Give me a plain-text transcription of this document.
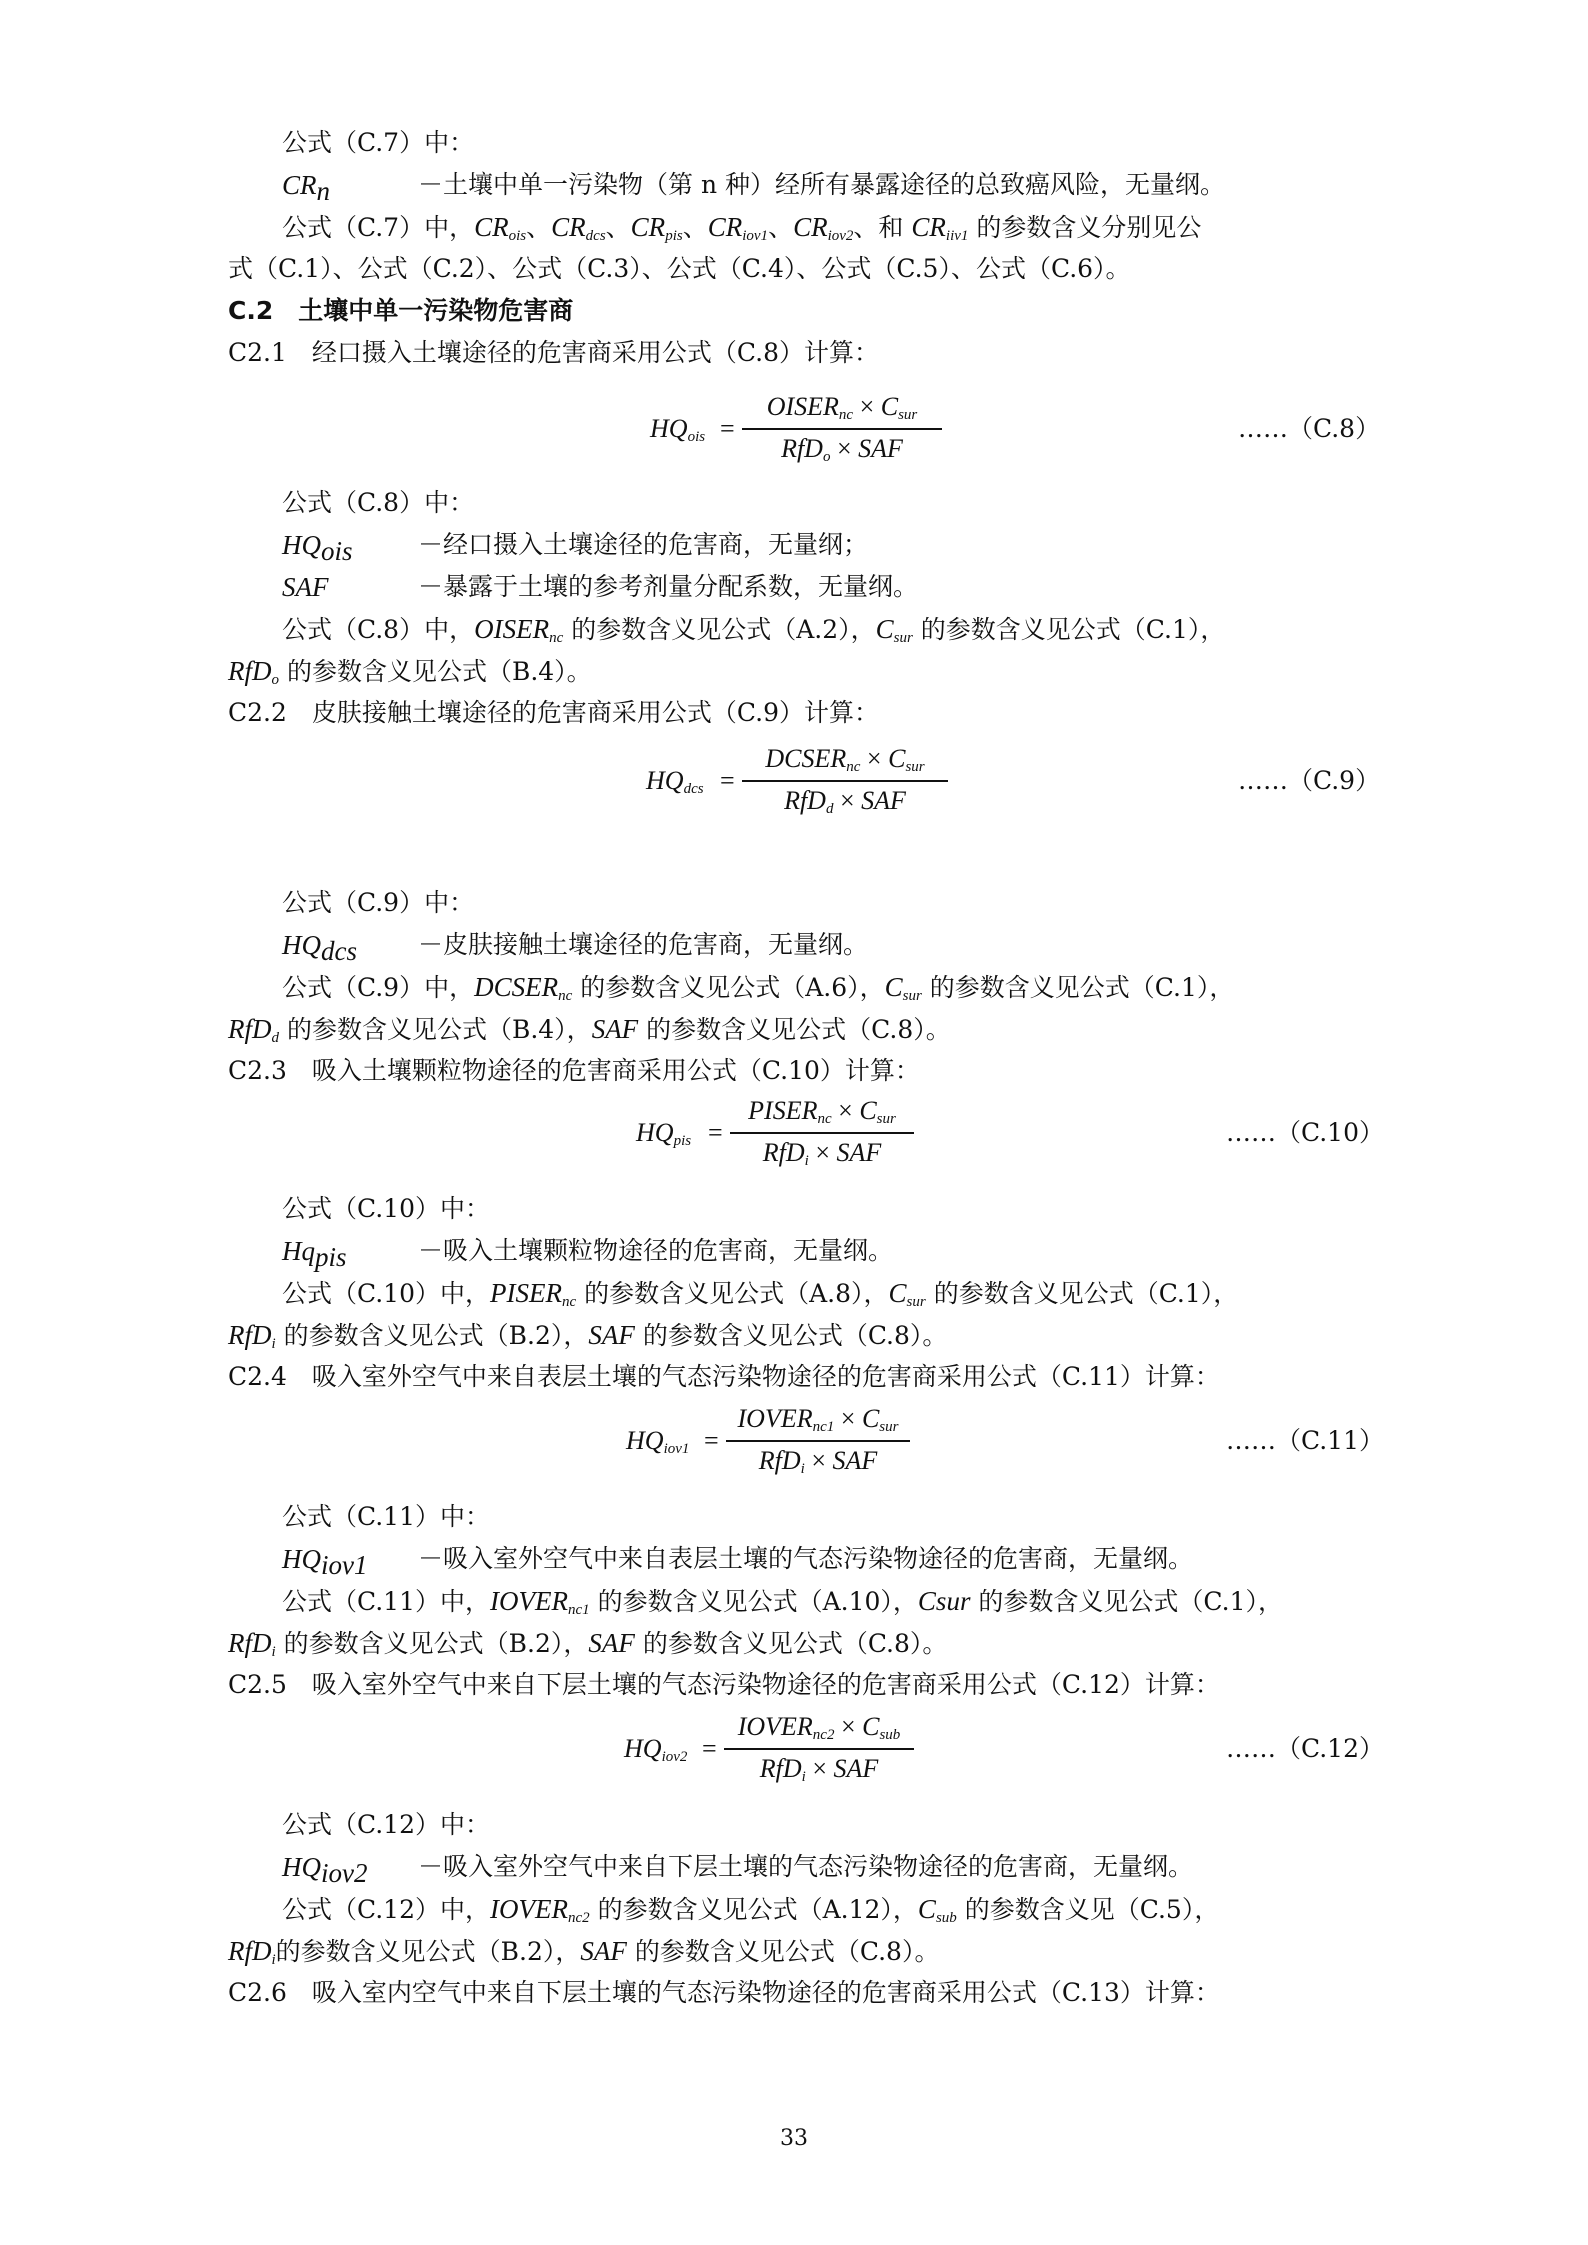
公式（C.7）中：
$CR_n$	－土壤中单一污染物（第 n 种）经所有暴露途径的总致癌风险，无量纲。
公式（C.7）中，$CR_{ois}$、$CR_{dcs}$、$CR_{pis}$、$CR_{iov1}$、$CR_{iov2}$、和 $CR_{iiv1}$ 的参数含义分别见公
式（C.1）、公式（C.2）、公式（C.3）、公式（C.4）、公式（C.5）、公式（C.6）。
C.2　土壤中单一污染物危害商
C2.1　经口摄入土壤途径的危害商采用公式（C.8）计算：
$HQ_{ois}$ =
$OISER_{nc} \times C_{sur}$
RfD$_o$ × SAF
……（C.8）
公式（C.8）中：
$HQ_{ois}$	－经口摄入土壤途径的危害商，无量纲；
SAF	－暴露于土壤的参考剂量分配系数，无量纲。
公式（C.8）中，$OISER_{nc}$ 的参数含义见公式（A.2），$C_{sur}$ 的参数含义见公式（C.1），
RfD$_o$ 的参数含义见公式（B.4）。
C2.2　皮肤接触土壤途径的危害商采用公式（C.9）计算：
$HQ_{dcs}$ =
$DCSER_{nc} \times C_{sur}$
RfD$_d$ × SAF
……（C.9）
公式（C.9）中：
$HQ_{dcs}$ －皮肤接触土壤途径的危害商，无量纲。
公式（C.9）中，$DCSER_{nc}$ 的参数含义见公式（A.6），$C_{sur}$ 的参数含义见公式（C.1），
RfD$_d$ 的参数含义见公式（B.4），SAF 的参数含义见公式（C.8）。
C2.3　吸入土壤颗粒物途径的危害商采用公式（C.10）计算：
$HQ_{pis}$ =
$PISER_{nc} \times C_{sur}$
RfD$_i$ × SAF
……（C.10）
公式（C.10）中：
$Hq_{pis}$	－吸入土壤颗粒物途径的危害商，无量纲。
公式（C.10）中，$PISER_{nc}$ 的参数含义见公式（A.8），$C_{sur}$ 的参数含义见公式（C.1），
RfD$_i$ 的参数含义见公式（B.2），SAF 的参数含义见公式（C.8）。
C2.4　吸入室外空气中来自表层土壤的气态污染物途径的危害商采用公式（C.11）计算：
$HQ_{iov1}$ =
$IOVER_{nc1} \times C_{sur}$
RfD$_i$ × SAF
……（C.11）
公式（C.11）中：
$HQ_{iov1}$ －吸入室外空气中来自表层土壤的气态污染物途径的危害商，无量纲。
公式（C.11）中，$IOVER_{nc1}$ 的参数含义见公式（A.10），Csur 的参数含义见公式（C.1），
RfD$_i$ 的参数含义见公式（B.2），SAF 的参数含义见公式（C.8）。
C2.5　吸入室外空气中来自下层土壤的气态污染物途径的危害商采用公式（C.12）计算：
$HQ_{iov2}$ =
$IOVER_{nc2} \times C_{sub}$
RfD$_i$ × SAF
……（C.12）
公式（C.12）中：
$HQ_{iov2}$ －吸入室外空气中来自下层土壤的气态污染物途径的危害商，无量纲。
公式（C.12）中，$IOVER_{nc2}$ 的参数含义见公式（A.12），$C_{sub}$ 的参数含义见（C.5），
RfD$_i$的参数含义见公式（B.2），SAF 的参数含义见公式（C.8）。
C2.6　吸入室内空气中来自下层土壤的气态污染物途径的危害商采用公式（C.13）计算：
33
